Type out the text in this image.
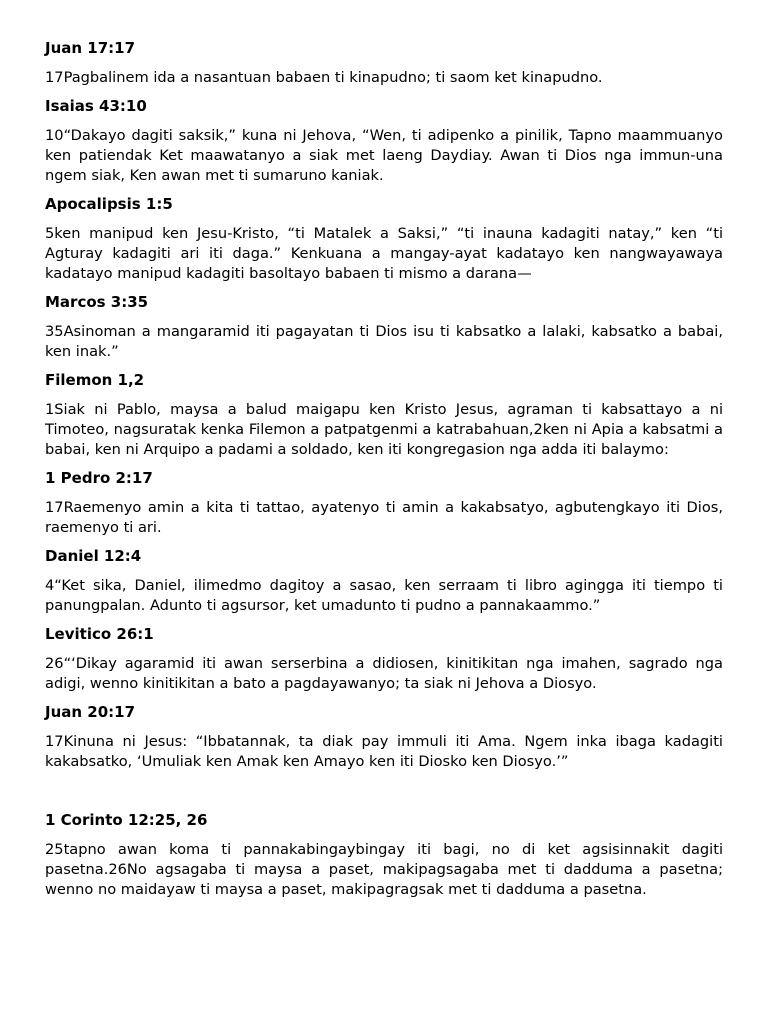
Juan 17:17
17Pagbalinem ida a nasantuan babaen ti kinapudno; ti saom ket kinapudno.
Isaias 43:10
10“Dakayo dagiti saksik,” kuna ni Jehova, “Wen, ti adipenko a pinilik, Tapno maammuanyo ken patiendak Ket maawatanyo a siak met laeng Daydiay. Awan ti Dios nga immun-una ngem siak, Ken awan met ti sumaruno kaniak.
Apocalipsis 1:5
5ken manipud ken Jesu-Kristo, “ti Matalek a Saksi,” “ti inauna kadagiti natay,” ken “ti Agturay kadagiti ari iti daga.” Kenkuana a mangay-ayat kadatayo ken nangwayawaya kadatayo manipud kadagiti basoltayo babaen ti mismo a darana—
Marcos 3:35
35Asinoman a mangaramid iti pagayatan ti Dios isu ti kabsatko a lalaki, kabsatko a babai, ken inak.”
Filemon 1,2
1Siak ni Pablo, maysa a balud maigapu ken Kristo Jesus, agraman ti kabsattayo a ni Timoteo, nagsuratak kenka Filemon a patpatgenmi a katrabahuan,2ken ni Apia a kabsatmi a babai, ken ni Arquipo a padami a soldado, ken iti kongregasion nga adda iti balaymo:
1 Pedro 2:17
17Raemenyo amin a kita ti tattao, ayatenyo ti amin a kakabsatyo, agbutengkayo iti Dios, raemenyo ti ari.
Daniel 12:4
4“Ket sika, Daniel, ilimedmo dagitoy a sasao, ken serraam ti libro agingga iti tiempo ti panungpalan. Adunto ti agsursor, ket umaduntо ti pudno a pannakaammo.”
Levitico 26:1
26“‘Dikay agaramid iti awan serserbina a didiosen, kinitikitan nga imahen, sagrado nga adigi, wenno kinitikitan a bato a pagdayawanyo; ta siak ni Jehova a Diosyo.
Juan 20:17
17Kinuna ni Jesus: “Ibbatannak, ta diak pay immuli iti Ama. Ngem inka ibaga kadagiti kakabsatko, ‘Umuliak ken Amak ken Amayo ken iti Diosko ken Diosyo.’”
1 Corinto 12:25, 26
25tapno awan koma ti pannakabingaybingay iti bagi, no di ket agsisinnakit dagiti pasetna.26No agsagaba ti maysa a paset, makipagsagaba met ti dadduma a pasetna; wenno no maidayaw ti maysa a paset, makipagragsak met ti dadduma a pasetna.
